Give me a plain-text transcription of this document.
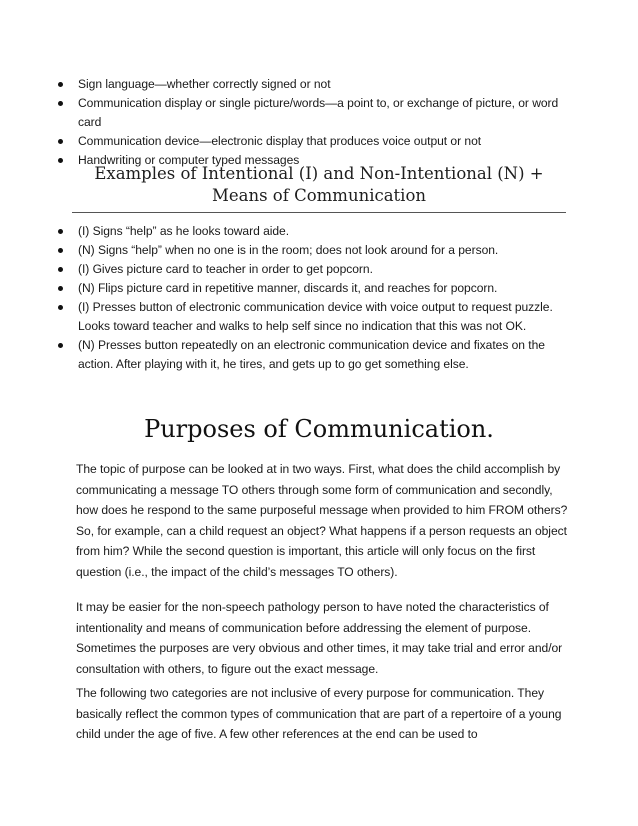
Sign language—whether correctly signed or not
Communication display or single picture/words—a point to, or exchange of picture, or word card
Communication device—electronic display that produces voice output or not
Handwriting or computer typed messages
Examples of Intentional (I) and Non-Intentional (N) + Means of Communication
(I) Signs “help” as he looks toward aide.
(N) Signs “help” when no one is in the room; does not look around for a person.
(I) Gives picture card to teacher in order to get popcorn.
(N) Flips picture card in repetitive manner, discards it, and reaches for popcorn.
(I) Presses button of electronic communication device with voice output to request puzzle. Looks toward teacher and walks to help self since no indication that this was not OK.
(N) Presses button repeatedly on an electronic communication device and fixates on the action. After playing with it, he tires, and gets up to go get something else.
Purposes of Communication.

The topic of purpose can be looked at in two ways. First, what does the child accomplish by communicating a message TO others through some form of communication and secondly, how does he respond to the same purposeful message when provided to him FROM others? So, for example, can a child request an object? What happens if a person requests an object from him? While the second question is important, this article will only focus on the first question (i.e., the impact of the child’s messages TO others).

It may be easier for the non-speech pathology person to have noted the characteristics of intentionality and means of communication before addressing the element of purpose. Sometimes the purposes are very obvious and other times, it may take trial and error and/or consultation with others, to figure out the exact message.

The following two categories are not inclusive of every purpose for communication. They basically reflect the common types of communication that are part of a repertoire of a young child under the age of five. A few other references at the end can be used to
